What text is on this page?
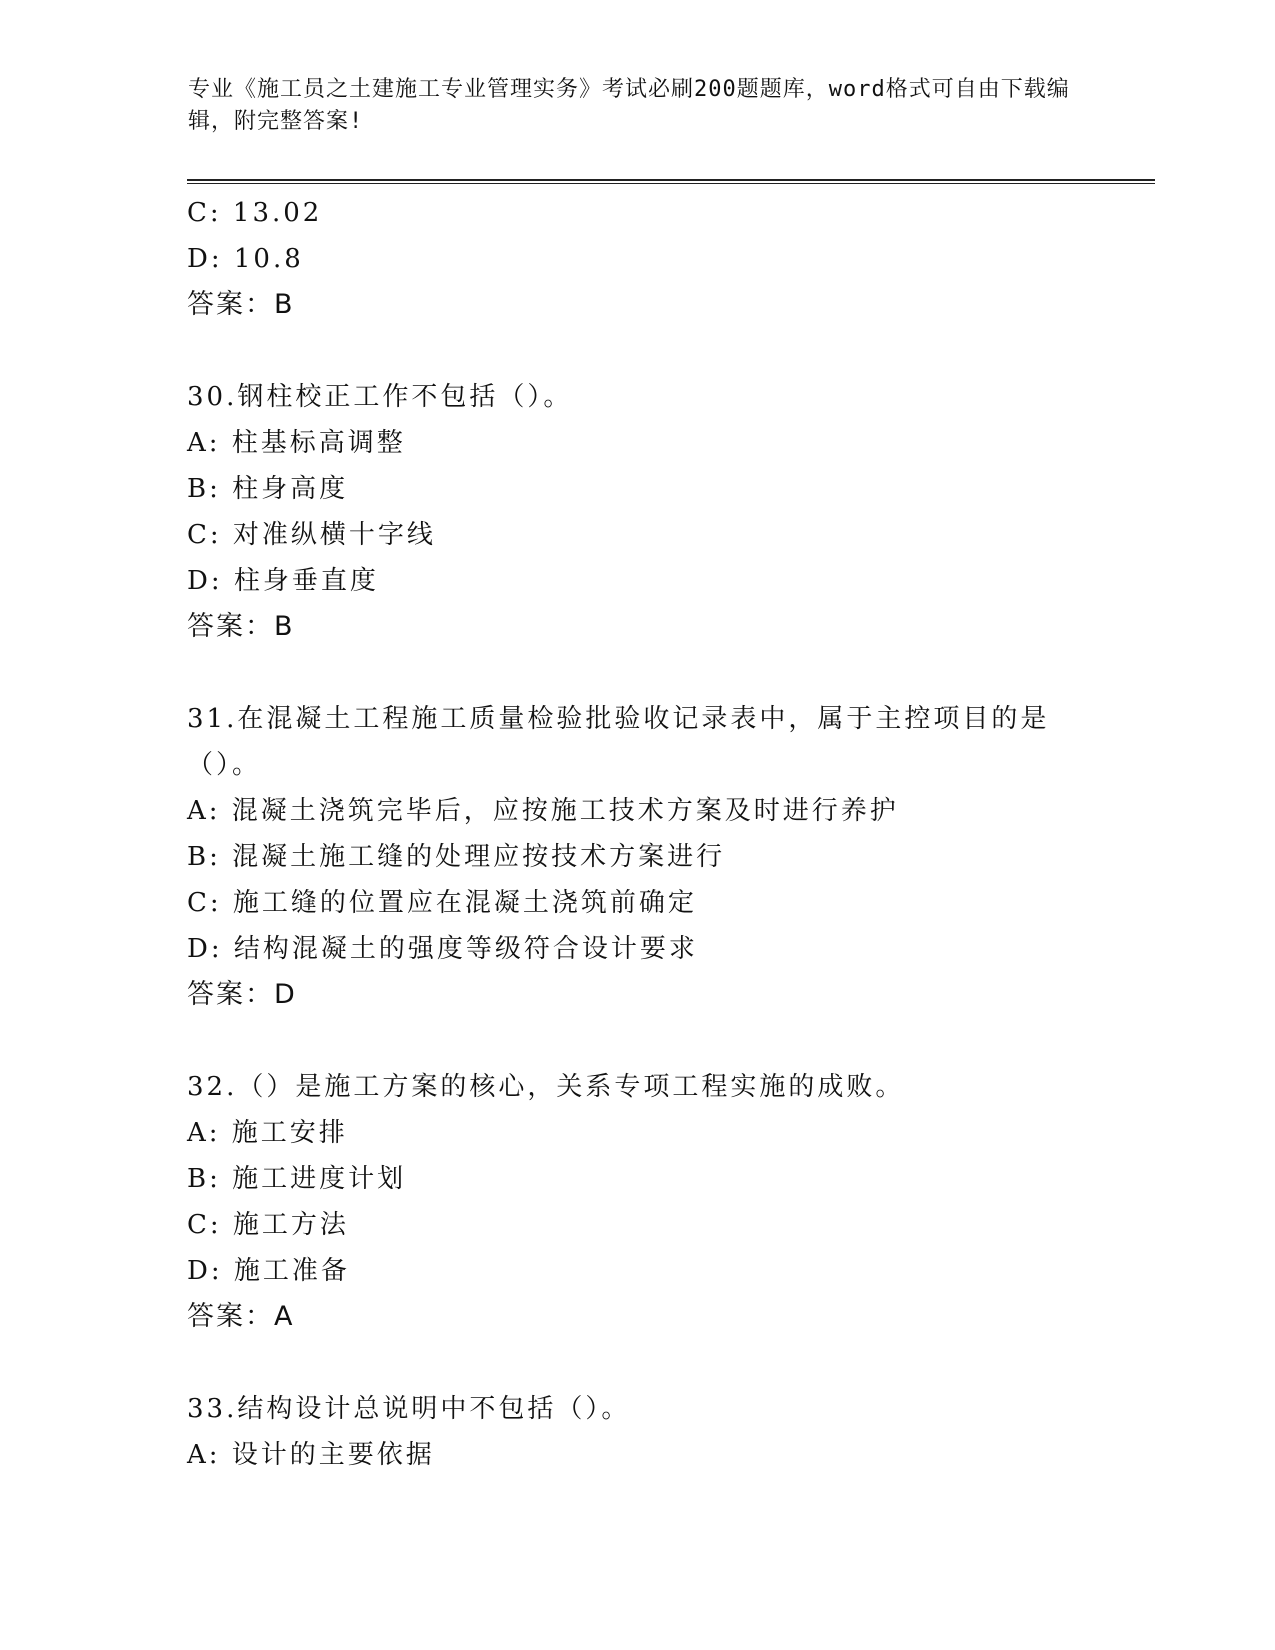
专业《施工员之土建施工专业管理实务》考试必刷200题题库，word格式可自由下载编辑，附完整答案!
C: 13.02
D: 10.8
答案：B
30.钢柱校正工作不包括（）。
A: 柱基标高调整
B: 柱身高度
C: 对准纵横十字线
D: 柱身垂直度
答案：B
31.在混凝土工程施工质量检验批验收记录表中，属于主控项目的是（）。
A: 混凝土浇筑完毕后，应按施工技术方案及时进行养护
B: 混凝土施工缝的处理应按技术方案进行
C: 施工缝的位置应在混凝土浇筑前确定
D: 结构混凝土的强度等级符合设计要求
答案：D
32.（）是施工方案的核心，关系专项工程实施的成败。
A: 施工安排
B: 施工进度计划
C: 施工方法
D: 施工准备
答案：A
33.结构设计总说明中不包括（）。
A: 设计的主要依据
